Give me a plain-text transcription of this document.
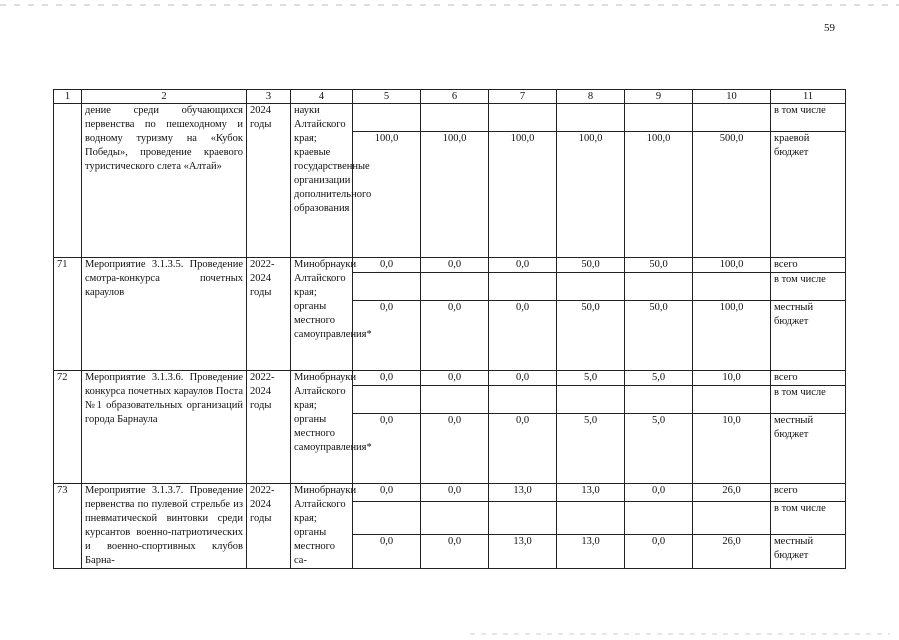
59
1	2	3	4	5	6	7	8	9	10	11
	дение среди обучающихся первенства по пешеходному и водному туризму на «Кубок Победы», проведение краевого туристического слета «Алтай»	2024 годы	науки Алтайского края; краевые государственные организации дополнительного образования							в том числе
				100,0	100,0	100,0	100,0	100,0	500,0	краевой бюджет
71	Мероприятие 3.1.3.5. Проведение смотра-конкурса почетных караулов	2022-2024 годы	Минобрнауки Алтайского края; органы местного самоуправления*	0,0	0,0	0,0	50,0	50,0	100,0	всего
										в том числе
				0,0	0,0	0,0	50,0	50,0	100,0	местный бюджет
72	Мероприятие 3.1.3.6. Проведение конкурса почетных караулов Поста №1 образовательных организаций города Барнаула	2022-2024 годы	Минобрнауки Алтайского края; органы местного самоуправления*	0,0	0,0	0,0	5,0	5,0	10,0	всего
										в том числе
				0,0	0,0	0,0	5,0	5,0	10,0	местный бюджет
73	Мероприятие 3.1.3.7. Проведение первенства по пулевой стрельбе из пневматической винтовки среди курсантов военно-патриотических и военно-спортивных клубов Барна-	2022-2024 годы	Минобрнауки Алтайского края; органы местного са-	0,0	0,0	13,0	13,0	0,0	26,0	всего
										в том числе
				0,0	0,0	13,0	13,0	0,0	26,0	местный бюджет
